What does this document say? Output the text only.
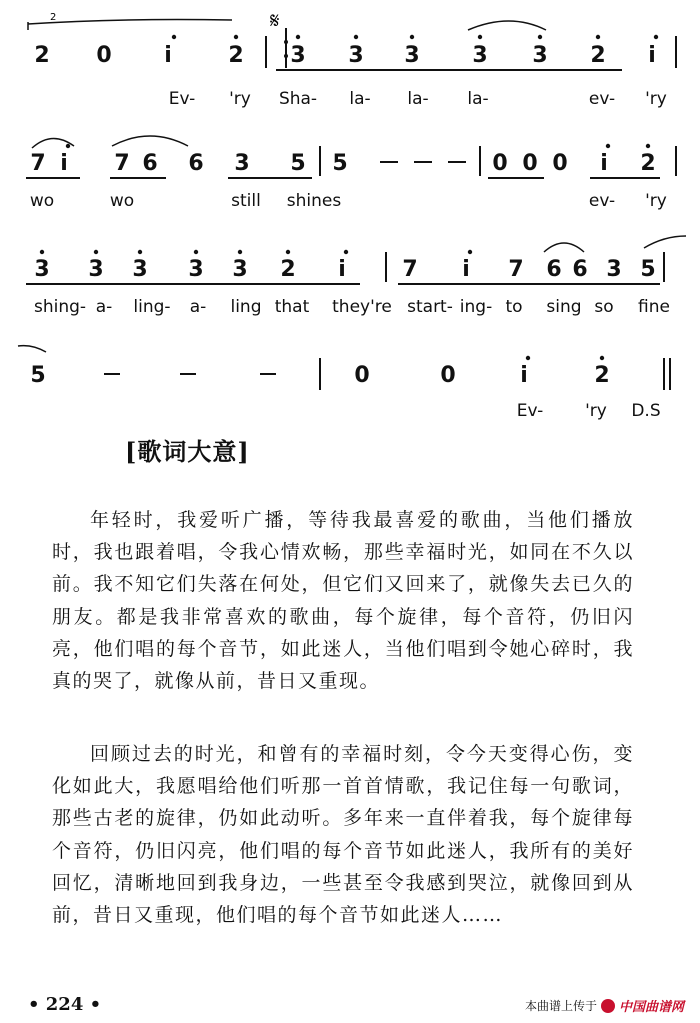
2	𝄋
2 0 i	2 3 3 3 3 3 2 i
Ev- 'ry Sha- la- la- la-	ev- 'ry
7 i 7 6 6 3 5 5	0 0 0 i 2
wo	wo	still shines	ev- 'ry
3 3 3 3 3 2 i	7 i 7 6 6 3 5
shing- a- ling- a- ling that they're start- ing- to sing so fine
5	0	0	i	2
Ev- 'ry D.S
[歌词大意]

年轻时，我爱听广播，等待我最喜爱的歌曲，当他们播放时，我也跟着唱，令我心情欢畅，那些幸福时光，如同在不久以前。我不知它们失落在何处，但它们又回来了，就像失去已久的朋友。都是我非常喜欢的歌曲，每个旋律，每个音符，仍旧闪亮，他们唱的每个音节，如此迷人，当他们唱到令她心碎时，我真的哭了，就像从前，昔日又重现。

回顾过去的时光，和曾有的幸福时刻，令今天变得心伤，变化如此大，我愿唱给他们听那一首首情歌，我记住每一句歌词，那些古老的旋律，仍如此动听。多年来一直伴着我，每个旋律每个音符，仍旧闪亮，他们唱的每个音节如此迷人，我所有的美好回忆，清晰地回到我身边，一些甚至令我感到哭泣，就像回到从前，昔日又重现，他们唱的每个音节如此迷人……

• 224 •	本曲谱上传于 中国曲谱网
